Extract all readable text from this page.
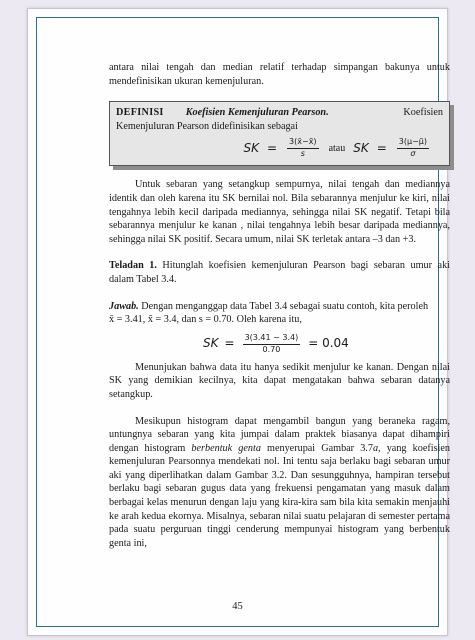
antara nilai tengah dan median relatif terhadap simpangan bakunya untuk mendefinisikan ukuran kemenjuluran.

DEFINISI Koefisien Kemenjuluran Pearson.	Koefisien

Kemenjuluran Pearson didefinisikan sebagai

SK = $\frac{3(x̄-x̃)}{s}$ atau SK = $\frac{3(\mu-\mũ)}{\sigma}$

Untuk sebaran yang setangkup sempurnya, nilai tengah dan mediannya identik dan oleh karena itu SK bernilai nol. Bila sebarannya menjulur ke kiri, nilai tengahnya lebih kecil daripada mediannya, sehingga nilai SK negatif. Tetapi bila sebarannya menjulur ke kanan , nilai tengahnya lebih besar daripada mediannya, sehingga nilai SK positif. Secara umum, nilai SK terletak antara –3 dan +3.

Teladan 1. Hitunglah koefisien kemenjuluran Pearson bagi sebaran umur aki dalam Tabel 3.4.

Jawab. Dengan menganggap data Tabel 3.4 sebagai suatu contoh, kita peroleh

x̄ = 3.41, x̃ = 3.4, dan s = 0.70. Oleh karena itu,

SK = $\frac{3(3.41 - 3.4)}{0.70} = 0.04$

Menunjukan bahwa data itu hanya sedikit menjulur ke kanan. Dengan nilai SK yang demikian kecilnya, kita dapat mengatakan bahwa sebaran datanya setangkup.

Mesikupun histogram dapat mengambil bangun yang beraneka ragam, untungnya sebaran yang kita jumpai dalam praktek biasanya dapat dihampiri dengan histogram berbentuk genta menyerupai Gambar 3.7a, yang koefisien kemenjuluran Pearsonnya mendekati nol. Ini tentu saja berlaku bagi sebaran umur aki yang diperlihatkan dalam Gambar 3.2. Dan sesungguhnya, hampiran tersebut berlaku bagi sebaran gugus data yang frekuensi pengamatan yang masuk dalam berbagai kelas menurun dengan laju yang kira-kira sam bila kita semakin menjauhi ke arah kedua ekornya. Misalnya, sebaran nilai suatu pelajaran di semester pertama pada suatu perguruan tinggi cenderung mempunyai histogram yang berbentuk genta ini,

45
